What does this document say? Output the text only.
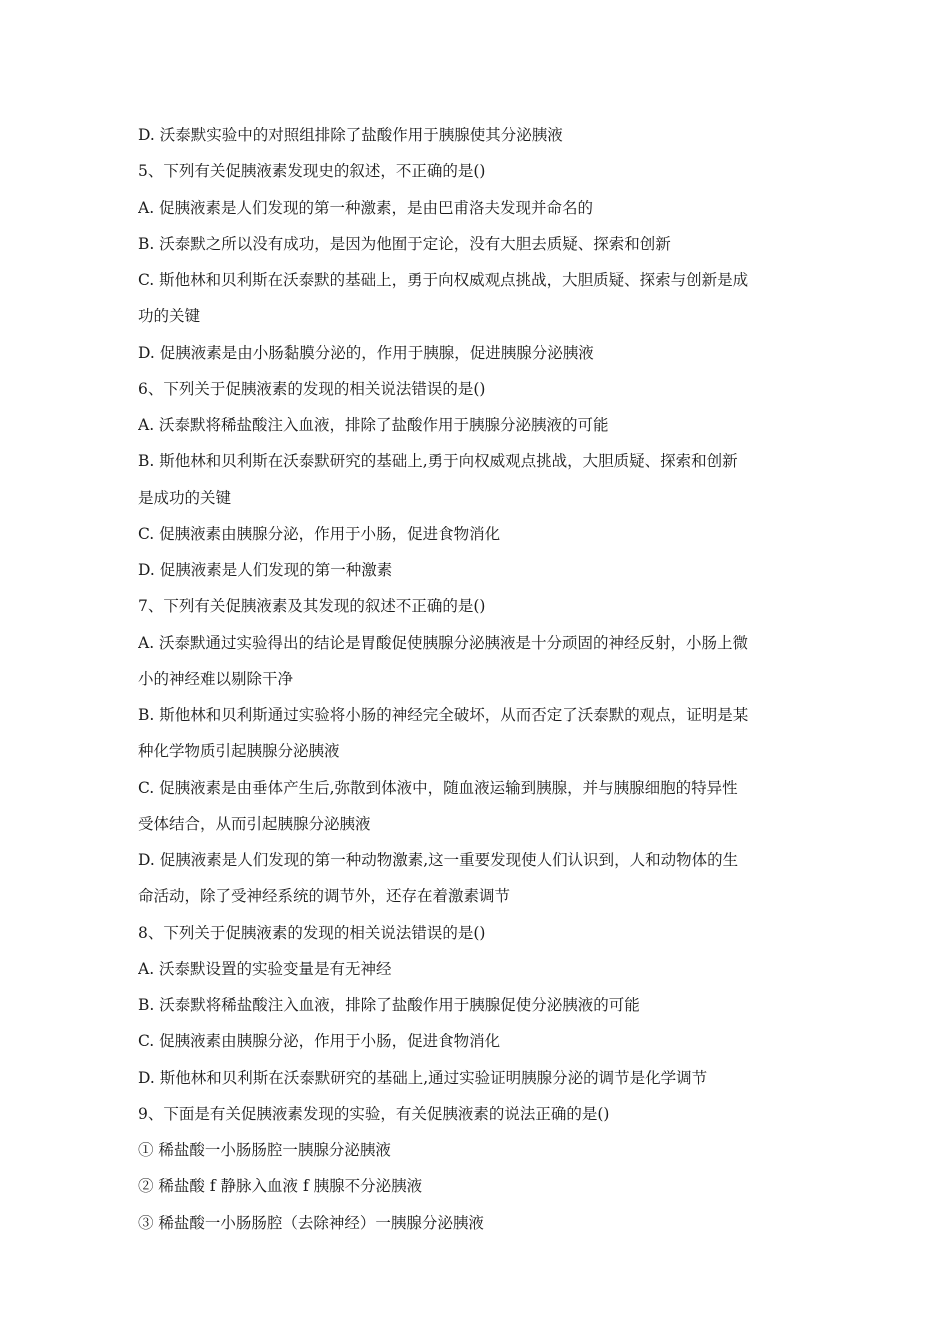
D. 沃泰默实验中的对照组排除了盐酸作用于胰腺使其分泌胰液
5、下列有关促胰液素发现史的叙述，不正确的是()
A. 促胰液素是人们发现的第一种激素，是由巴甫洛夫发现并命名的
B. 沃泰默之所以没有成功，是因为他囿于定论，没有大胆去质疑、探索和创新
C. 斯他林和贝利斯在沃泰默的基础上，勇于向权威观点挑战，大胆质疑、探索与创新是成
功的关键
D. 促胰液素是由小肠黏膜分泌的，作用于胰腺，促进胰腺分泌胰液
6、下列关于促胰液素的发现的相关说法错误的是()
A. 沃泰默将稀盐酸注入血液，排除了盐酸作用于胰腺分泌胰液的可能
B. 斯他林和贝利斯在沃泰默研究的基础上,勇于向权威观点挑战，大胆质疑、探索和创新
是成功的关键
C. 促胰液素由胰腺分泌，作用于小肠，促进食物消化
D. 促胰液素是人们发现的第一种激素
7、下列有关促胰液素及其发现的叙述不正确的是()
A. 沃泰默通过实验得出的结论是胃酸促使胰腺分泌胰液是十分顽固的神经反射，小肠上微
小的神经难以剔除干净
B. 斯他林和贝利斯通过实验将小肠的神经完全破坏，从而否定了沃泰默的观点，证明是某
种化学物质引起胰腺分泌胰液
C. 促胰液素是由垂体产生后,弥散到体液中，随血液运输到胰腺，并与胰腺细胞的特异性
受体结合，从而引起胰腺分泌胰液
D. 促胰液素是人们发现的第一种动物激素,这一重要发现使人们认识到，人和动物体的生
命活动，除了受神经系统的调节外，还存在着激素调节
8、下列关于促胰液素的发现的相关说法错误的是()
A. 沃泰默设置的实验变量是有无神经
B. 沃泰默将稀盐酸注入血液，排除了盐酸作用于胰腺促使分泌胰液的可能
C. 促胰液素由胰腺分泌，作用于小肠，促进食物消化
D. 斯他林和贝利斯在沃泰默研究的基础上,通过实验证明胰腺分泌的调节是化学调节
9、下面是有关促胰液素发现的实验，有关促胰液素的说法正确的是()
① 稀盐酸一小肠肠腔一胰腺分泌胰液
② 稀盐酸 f 静脉入血液 f 胰腺不分泌胰液
③ 稀盐酸一小肠肠腔（去除神经）一胰腺分泌胰液
